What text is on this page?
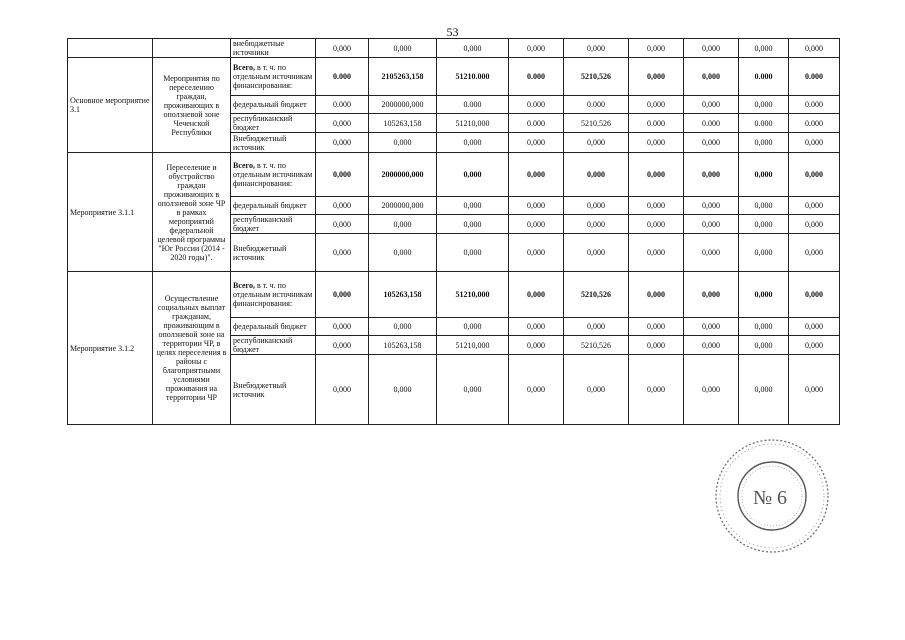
53
		внебюджетные источники	0,000	0,000	0,000	0,000	0,000	0,000	0,000	0,000	0,000
Основное мероприятие 3.1	Мероприятия по переселению граждан, проживающих в оползневой зоне Чеченской Республики	Всего, в т. ч. по отдельным источникам финансирования:	0.000	2105263,158	51210.000	0.000	5210,526	0,000	0,000	0.000	0.000
		федеральный бюджет	0.000	2000000,000	0.000	0.000	0.000	0,000	0,000	0,000	0.000
		республиканский бюджет	0,000	105263,158	51210,000	0.000	5210.526	0.000	0.000	0.000	0.000
		Внебюджетный источник	0,000	0,000	0,000	0,000	0,000	0,000	0,000	0,000	0,000
Мероприятие 3.1.1	Переселение и обустройство граждан проживающих в оползневой зоне ЧР в рамках мероприятий федеральной целевой программы "Юг России (2014 - 2020 годы)".	Всего, в т. ч. по отдельным источникам финансирования:	0,000	2000000,000	0,000	0,000	0,000	0,000	0,000	0,000	0,000
		федеральный бюджет	0,000	2000000,000	0,000	0,000	0,000	0,000	0,000	0,000	0,000
		республиканский бюджет	0,000	0,000	0,000	0,000	0,000	0,000	0,000	0,000	0,000
		Внебюджетный источник	0,000	0,000	0,000	0,000	0,000	0,000	0,000	0,000	0,000
Мероприятие 3.1.2	Осуществление социальных выплат гражданам, проживающим в оползневой зоне на территории ЧР, в целях переселения в районы с благоприятными условиями проживания на территории ЧР	Всего, в т. ч. по отдельным источникам финансирования:	0,000	105263,158	51210,000	0,000	5210,526	0,000	0,000	0,000	0,000
		федеральный бюджет	0,000	0,000	0,000	0,000	0,000	0,000	0,000	0,000	0,000
		республиканский бюджет	0,000	105263,158	51210,000	0,000	5210,526	0,000	0,000	0,000	0,000
		Внебюджетный источник	0,000	0,000	0,000	0,000	0,000	0,000	0,000	0,000	0,000
№ 6
